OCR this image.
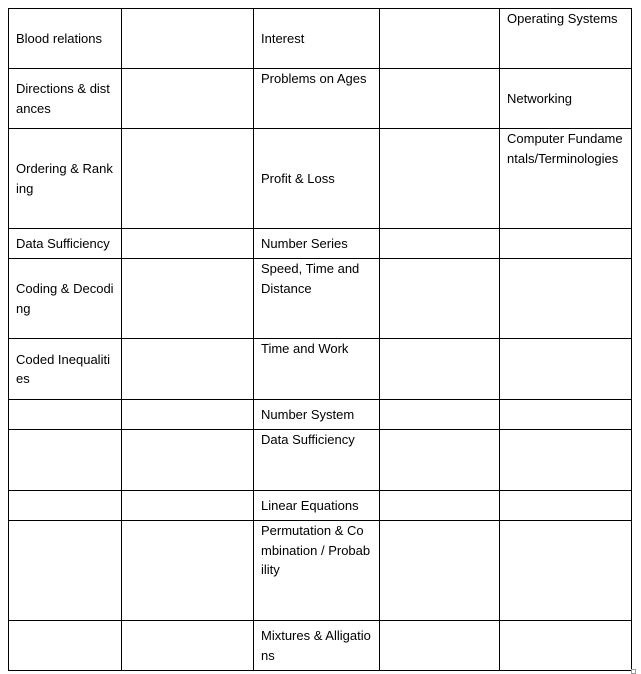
Blood relations		Interest		Operating Systems
Directions & distances		Problems on Ages		Networking
Ordering & Ranking		Profit & Loss		Computer Fundamentals/Terminologies
Data Sufficiency		Number Series		
Coding & Decoding		Speed, Time and Distance		
Coded Inequalities		Time and Work		
		Number System		
		Data Sufficiency		
		Linear Equations		
		Permutation & Combination / Probability		
		Mixtures & Alligations		
